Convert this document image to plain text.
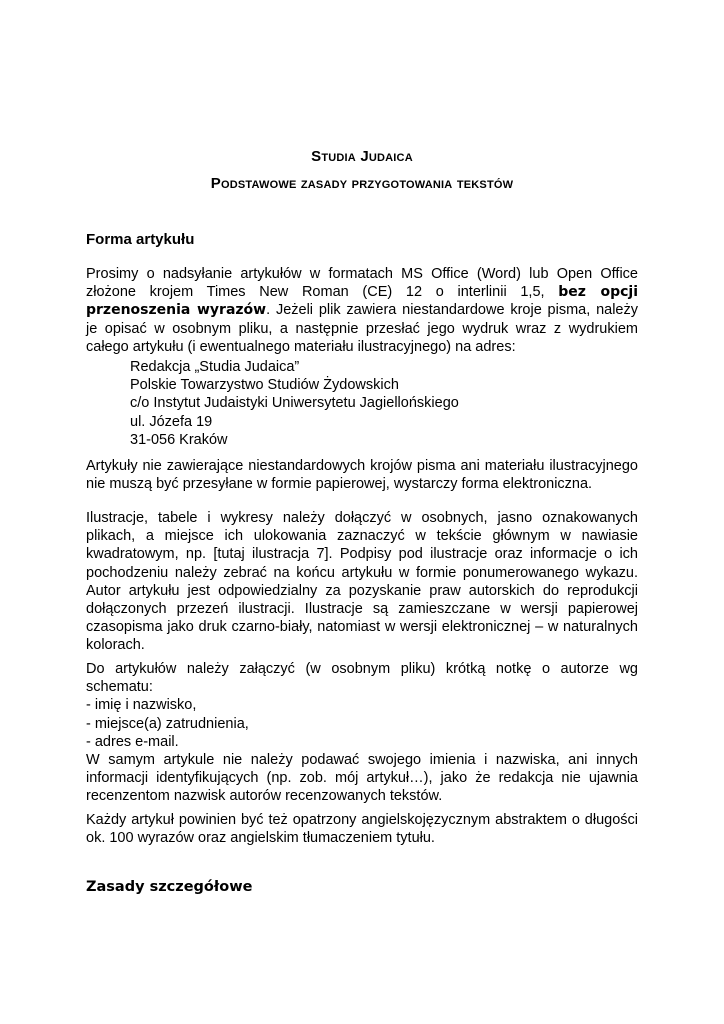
Studia Judaica
Podstawowe zasady przygotowania tekstów
Forma artykułu
Prosimy o nadsyłanie artykułów w formatach MS Office (Word) lub Open Office
złożone krojem Times New Roman (CE) 12 o interlinii 1,5, bez opcji
przenoszenia wyrazów. Jeżeli plik zawiera niestandardowe kroje pisma, należy
je opisać w osobnym pliku, a następnie przesłać jego wydruk wraz z wydrukiem
całego artykułu (i ewentualnego materiału ilustracyjnego) na adres:
Redakcja „Studia Judaica”
Polskie Towarzystwo Studiów Żydowskich
c/o Instytut Judaistyki Uniwersytetu Jagiellońskiego
ul. Józefa 19
31-056 Kraków
Artykuły nie zawierające niestandardowych krojów pisma ani materiału ilustracyjnego
nie muszą być przesyłane w formie papierowej, wystarczy forma elektroniczna.
Ilustracje, tabele i wykresy należy dołączyć w osobnych, jasno oznakowanych
plikach, a miejsce ich ulokowania zaznaczyć w tekście głównym w nawiasie
kwadratowym, np. [tutaj ilustracja 7]. Podpisy pod ilustracje oraz informacje o ich
pochodzeniu należy zebrać na końcu artykułu w formie ponumerowanego wykazu.
Autor artykułu jest odpowiedzialny za pozyskanie praw autorskich do reprodukcji
dołączonych przezeń ilustracji. Ilustracje są zamieszczane w wersji papierowej
czasopisma jako druk czarno-biały, natomiast w wersji elektronicznej – w naturalnych
kolorach.
Do artykułów należy załączyć (w osobnym pliku) krótką notkę o autorze wg
schematu:
- imię i nazwisko,
- miejsce(a) zatrudnienia,
- adres e-mail.
W samym artykule nie należy podawać swojego imienia i nazwiska, ani innych
informacji identyfikujących (np. zob. mój artykuł…), jako że redakcja nie ujawnia
recenzentom nazwisk autorów recenzowanych tekstów.
Każdy artykuł powinien być też opatrzony angielskojęzycznym abstraktem o długości
ok. 100 wyrazów oraz angielskim tłumaczeniem tytułu.
Zasady szczegółowe
